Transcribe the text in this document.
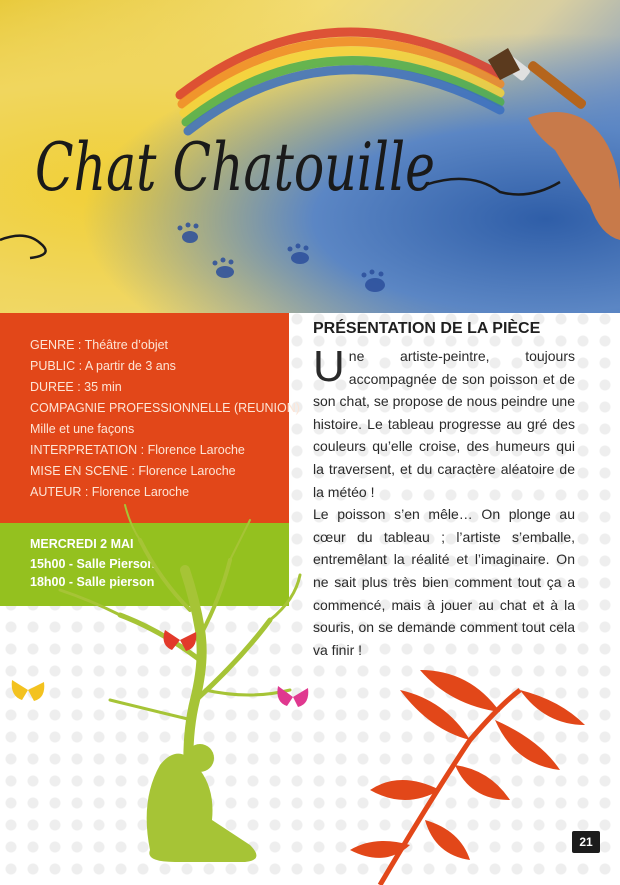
Chat Chatouille
GENRE : Théâtre d’objet
PUBLIC : A partir de 3 ans
DUREE : 35 min
COMPAGNIE PROFESSIONNELLE (REUNION)
Mille et une façons
INTERPRETATION : Florence Laroche
MISE EN SCENE : Florence Laroche
AUTEUR : Florence Laroche
MERCREDI 2 MAI
15h00 - Salle Pierson
18h00 - Salle pierson
PRÉSENTATION DE LA PIÈCE

Une artiste-peintre, toujours accompagnée de son poisson et de son chat, se propose de nous peindre une histoire. Le tableau progresse au gré des couleurs qu’elle croise, des humeurs qui la traversent, et du caractère aléatoire de la météo !

Le poisson s’en mêle… On plonge au cœur du tableau ; l’artiste s’emballe, entremêlant la réalité et l’imaginaire. On ne sait plus très bien comment tout ça a commencé, mais à jouer au chat et à la souris, on se demande comment tout cela va finir !

21
